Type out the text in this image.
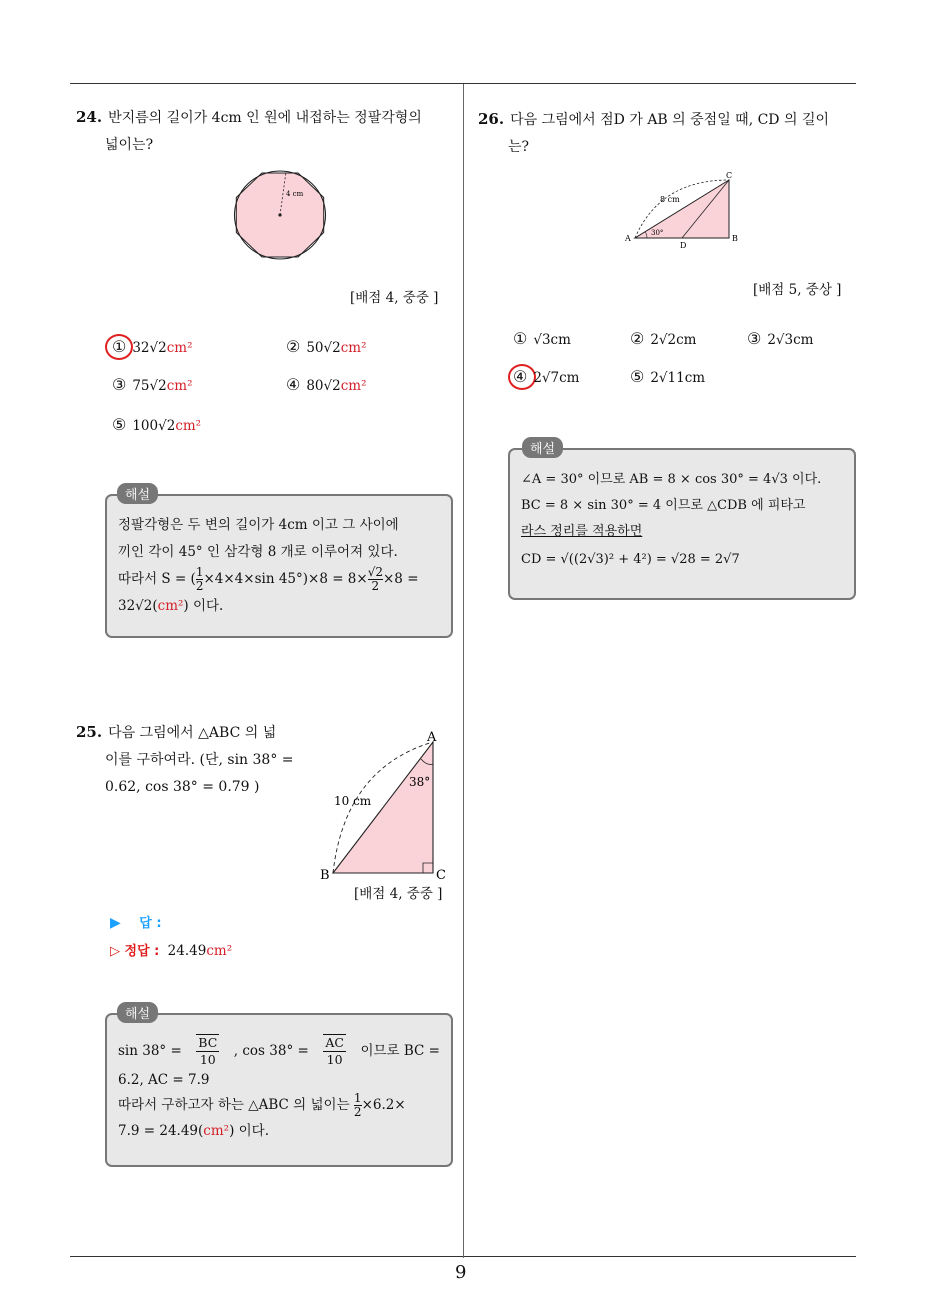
24. 반지름의 길이가 4cm 인 원에 내접하는 정팔각형의
넓이는?
4 cm
[배점 4, 중중 ]
① 32√2cm²	② 50√2cm²
③ 75√2cm²	④ 80√2cm²
⑤ 100√2cm²
해설
정팔각형은 두 변의 길이가 4cm 이고 그 사이에
끼인 각이 45° 인 삼각형 8 개로 이루어져 있다.
따라서 S = ( $\frac{1}{2} \times 4\times 4\times\sin$ $45^\circ)\times 8 = 8\times \frac{√2}{2} \times 8$ =
32√2(cm²) 이다.
25. 다음 그림에서 △ABC 의 넓
이를 구하여라. (단, sin 38° =
0.62, cos 38° = 0.79 )
A
B	C
10 cm
38°
[배점 4, 중중 ]
▶ 답 :
▷ 정답 : 24.49cm²
해설
$\sin 38^\circ = \frac{BC}{10}$ , $\cos 38^\circ = \frac{AC}{10}$ 이므로 BC =
6.2, AC = 7.9
따라서 구하고자 하는 △ABC 의 넓이는 $\frac{1}{2} \times 6.2\times$
7.9 = 24.49(cm²) 이다.
26. 다음 그림에서 점D 가 AB 의 중점일 때, CD 의 길이
는?
A	B
C
D
8 cm
30°
[배점 5, 중상 ]
① √3cm	② 2√2cm	③ 2√3cm
④ 2√7cm	⑤ 2√11cm
해설
∠A = 30° 이므로 AB = 8 × cos 30° = 4√3 이다.
BC = 8 × sin 30° = 4 이므로 △CDB 에 피타고
라스 정리를 적용하면
CD = √((2√3)² + 4²) = √28 = 2√7
9
